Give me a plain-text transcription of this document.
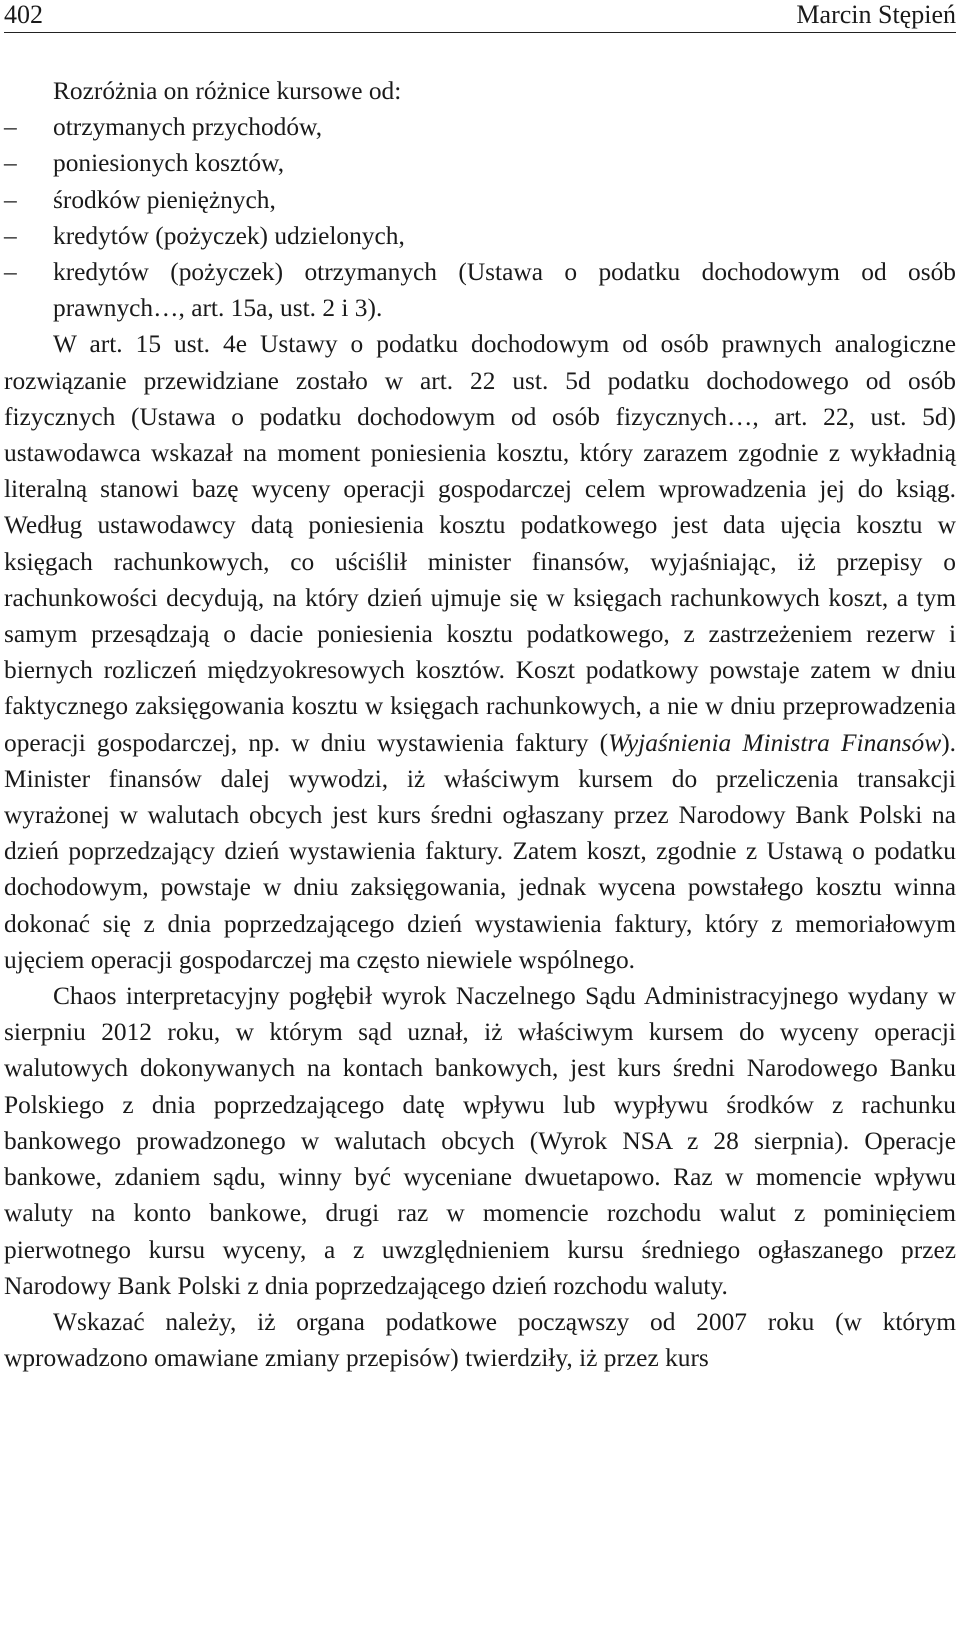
402	Marcin Stępień

Rozróżnia on różnice kursowe od:

– otrzymanych przychodów,
– poniesionych kosztów,
– środków pieniężnych,
– kredytów (pożyczek) udzielonych,
– kredytów (pożyczek) otrzymanych (Ustawa o podatku dochodowym od osób prawnych…, art. 15a, ust. 2 i 3).

W art. 15 ust. 4e Ustawy o podatku dochodowym od osób prawnych analogiczne rozwiązanie przewidziane zostało w art. 22 ust. 5d podatku dochodowego od osób fizycznych (Ustawa o podatku dochodowym od osób fizycznych…, art. 22, ust. 5d) ustawodawca wskazał na moment poniesienia kosztu, który zarazem zgodnie z wykładnią literalną stanowi bazę wyceny operacji gospodarczej celem wprowadzenia jej do ksiąg. Według ustawodawcy datą poniesienia kosztu podatkowego jest data ujęcia kosztu w księgach rachunkowych, co uściślił minister finansów, wyjaśniając, iż przepisy o rachunkowości decydują, na który dzień ujmuje się w księgach rachunkowych koszt, a tym samym przesądzają o dacie poniesienia kosztu podatkowego, z zastrzeżeniem rezerw i biernych rozliczeń międzyokresowych kosztów. Koszt podatkowy powstaje zatem w dniu faktycznego zaksięgowania kosztu w księgach rachunkowych, a nie w dniu przeprowadzenia operacji gospodarczej, np. w dniu wystawienia faktury (Wyjaśnienia Ministra Finansów). Minister finansów dalej wywodzi, iż właściwym kursem do przeliczenia transakcji wyrażonej w walutach obcych jest kurs średni ogłaszany przez Narodowy Bank Polski na dzień poprzedzający dzień wystawienia faktury. Zatem koszt, zgodnie z Ustawą o podatku dochodowym, powstaje w dniu zaksięgowania, jednak wycena powstałego kosztu winna dokonać się z dnia poprzedzającego dzień wystawienia faktury, który z memoriałowym ujęciem operacji gospodarczej ma często niewiele wspólnego.

Chaos interpretacyjny pogłębił wyrok Naczelnego Sądu Administracyjnego wydany w sierpniu 2012 roku, w którym sąd uznał, iż właściwym kursem do wyceny operacji walutowych dokonywanych na kontach bankowych, jest kurs średni Narodowego Banku Polskiego z dnia poprzedzającego datę wpływu lub wypływu środków z rachunku bankowego prowadzonego w walutach obcych (Wyrok NSA z 28 sierpnia). Operacje bankowe, zdaniem sądu, winny być wyceniane dwuetapowo. Raz w momencie wpływu waluty na konto bankowe, drugi raz w momencie rozchodu walut z pominięciem pierwotnego kursu wyceny, a z uwzględnieniem kursu średniego ogłaszanego przez Narodowy Bank Polski z dnia poprzedzającego dzień rozchodu waluty.

Wskazać należy, iż organa podatkowe począwszy od 2007 roku (w którym wprowadzono omawiane zmiany przepisów) twierdziły, iż przez kurs
